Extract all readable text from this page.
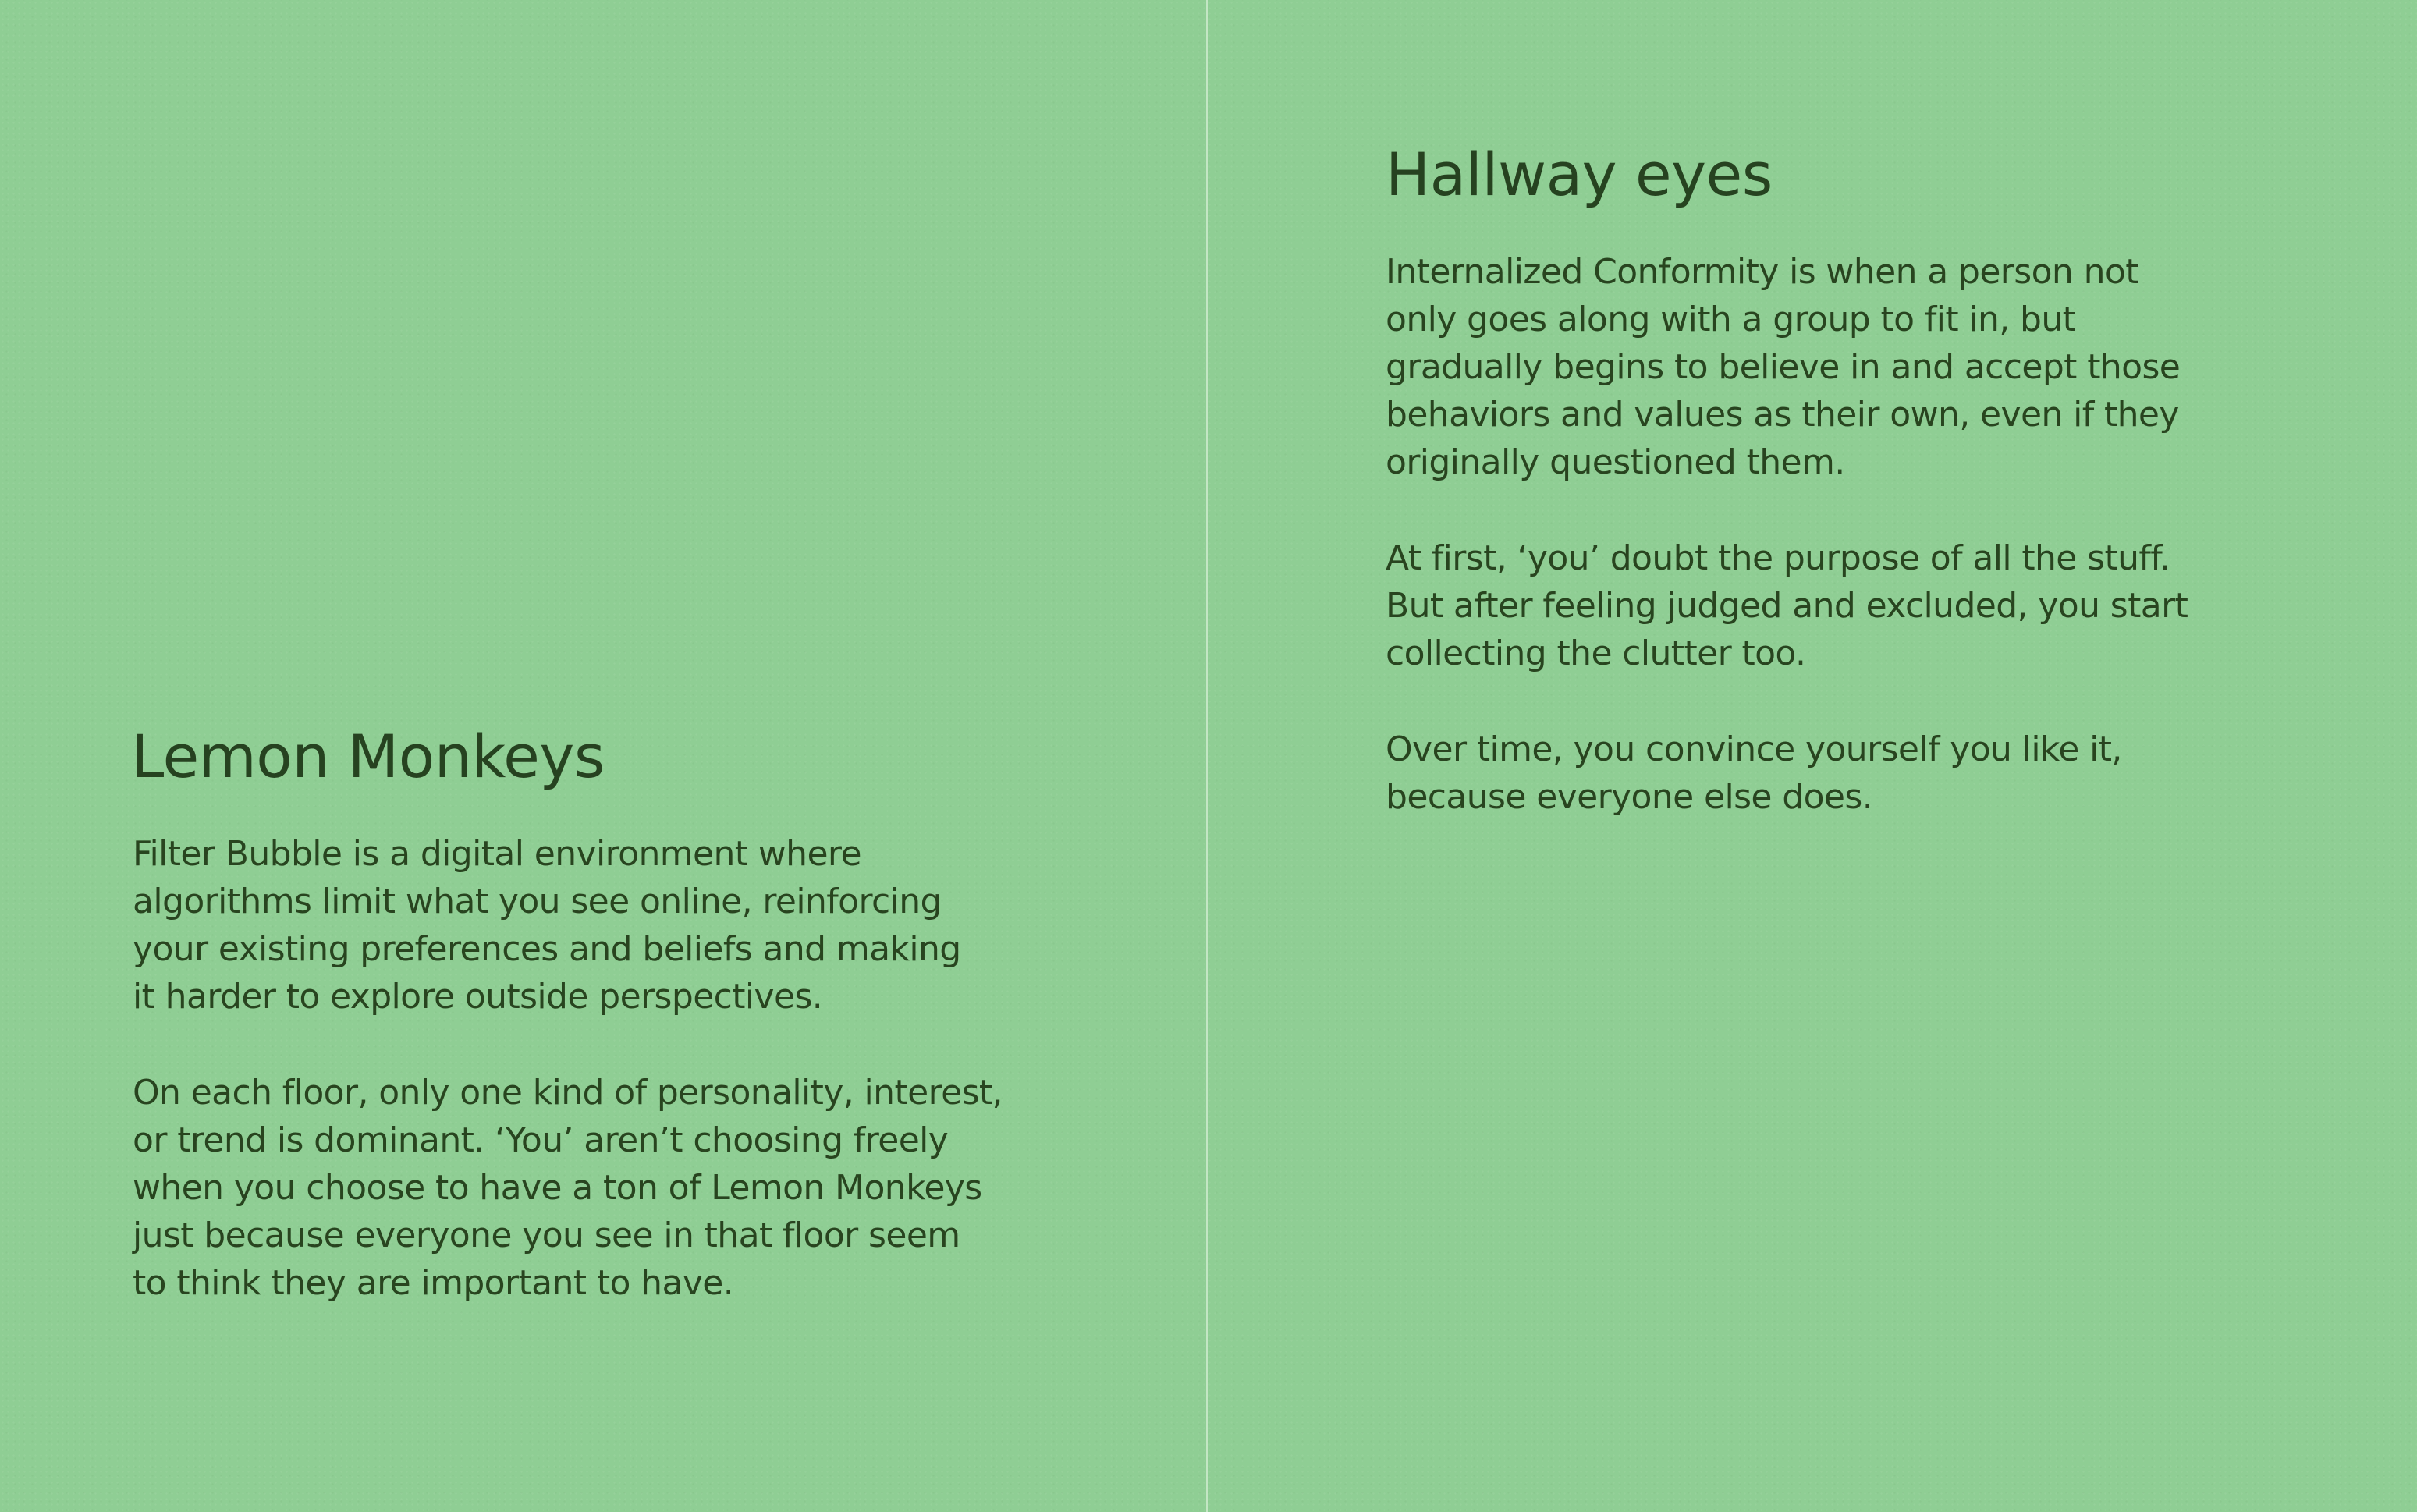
Lemon Monkeys

Filter Bubble is a digital environment where
algorithms limit what you see online, reinforcing
your existing preferences and beliefs and making
it harder to explore outside perspectives.

On each floor, only one kind of personality, interest,
or trend is dominant. ‘You’ aren’t choosing freely
when you choose to have a ton of Lemon Monkeys
just because everyone you see in that floor seem
to think they are important to have.

Hallway eyes

Internalized Conformity is when a person not
only goes along with a group to fit in, but
gradually begins to believe in and accept those
behaviors and values as their own, even if they
originally questioned them.

At first, ‘you’ doubt the purpose of all the stuff.
But after feeling judged and excluded, you start
collecting the clutter too.

Over time, you convince yourself you like it,
because everyone else does.
